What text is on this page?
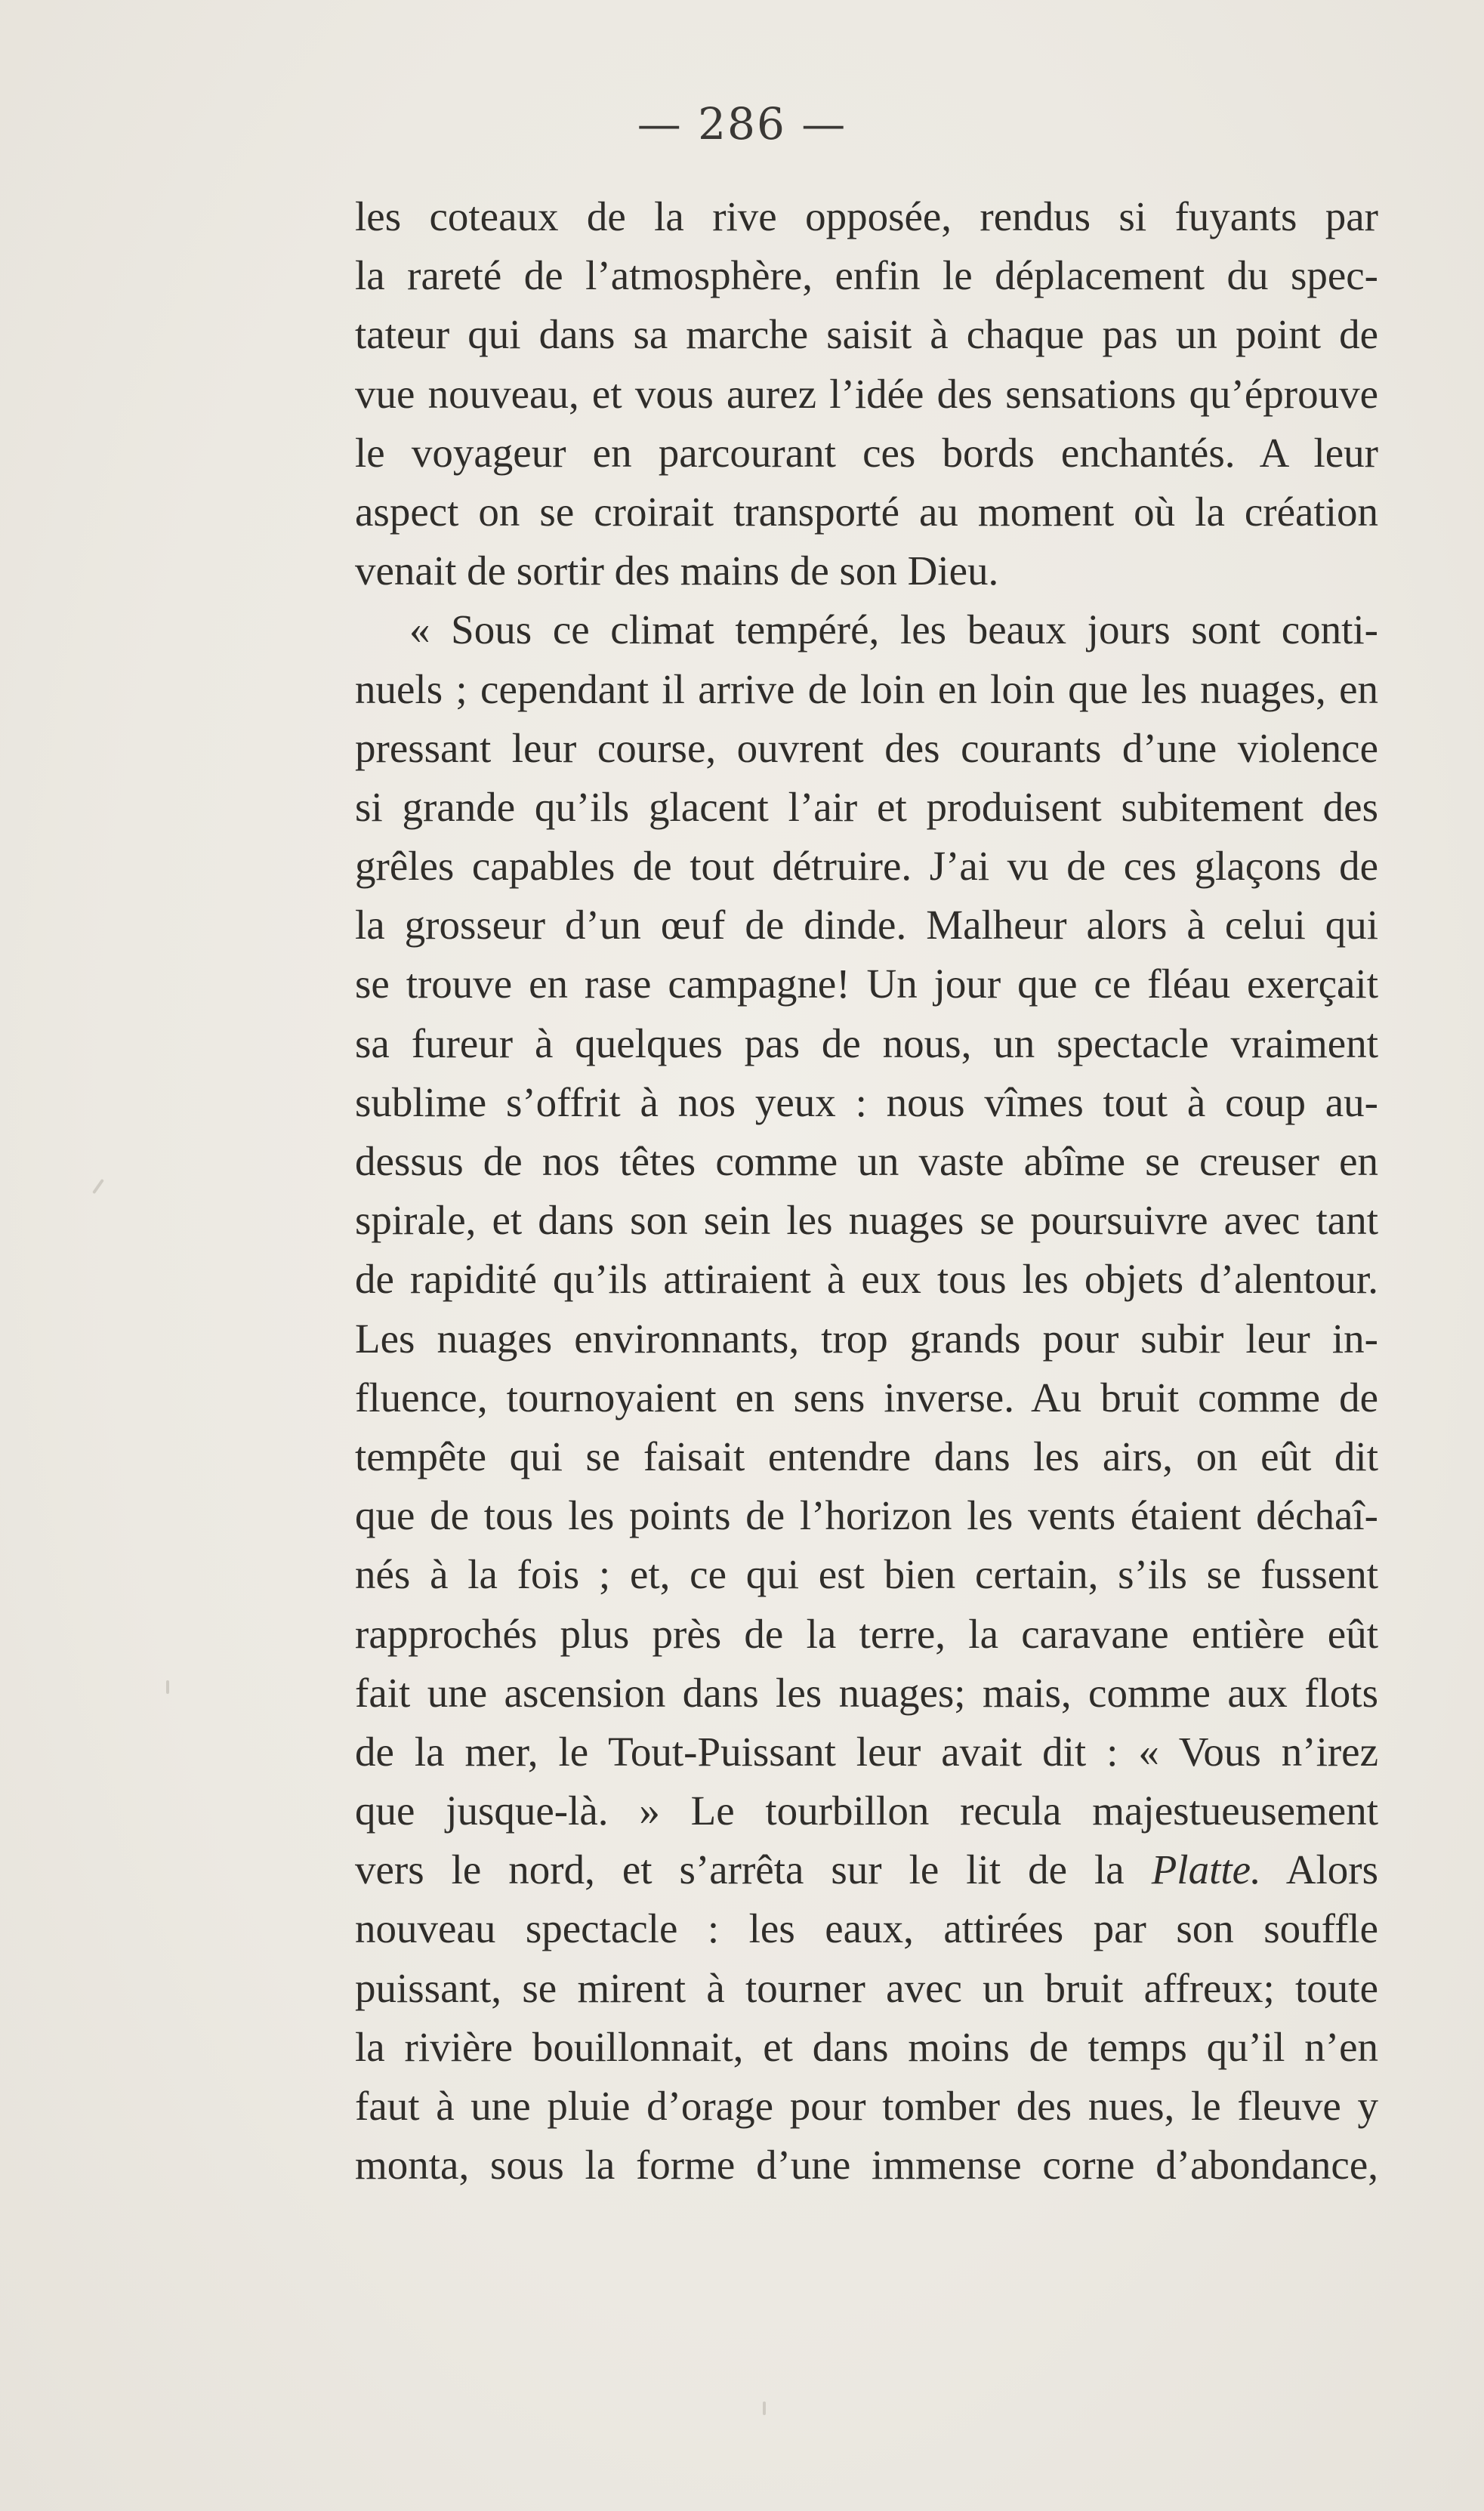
— 286 —
les coteaux de la rive opposée, rendus si fuyants par
la rareté de l’atmosphère, enfin le déplacement du spec-
tateur qui dans sa marche saisit à chaque pas un point de
vue nouveau, et vous aurez l’idée des sensations qu’éprouve
le voyageur en parcourant ces bords enchantés. A leur
aspect on se croirait transporté au moment où la création
venait de sortir des mains de son Dieu.
« Sous ce climat tempéré, les beaux jours sont conti-
nuels ; cependant il arrive de loin en loin que les nuages, en
pressant leur course, ouvrent des courants d’une violence
si grande qu’ils glacent l’air et produisent subitement des
grêles capables de tout détruire. J’ai vu de ces glaçons de
la grosseur d’un œuf de dinde. Malheur alors à celui qui
se trouve en rase campagne! Un jour que ce fléau exerçait
sa fureur à quelques pas de nous, un spectacle vraiment
sublime s’offrit à nos yeux : nous vîmes tout à coup au-
dessus de nos têtes comme un vaste abîme se creuser en
spirale, et dans son sein les nuages se poursuivre avec tant
de rapidité qu’ils attiraient à eux tous les objets d’alentour.
Les nuages environnants, trop grands pour subir leur in-
fluence, tournoyaient en sens inverse. Au bruit comme de
tempête qui se faisait entendre dans les airs, on eût dit
que de tous les points de l’horizon les vents étaient déchaî-
nés à la fois ; et, ce qui est bien certain, s’ils se fussent
rapprochés plus près de la terre, la caravane entière eût
fait une ascension dans les nuages; mais, comme aux flots
de la mer, le Tout-Puissant leur avait dit : « Vous n’irez
que jusque-là. » Le tourbillon recula majestueusement
vers le nord, et s’arrêta sur le lit de la Platte. Alors
nouveau spectacle : les eaux, attirées par son souffle
puissant, se mirent à tourner avec un bruit affreux; toute
la rivière bouillonnait, et dans moins de temps qu’il n’en
faut à une pluie d’orage pour tomber des nues, le fleuve y
monta, sous la forme d’une immense corne d’abondance,
